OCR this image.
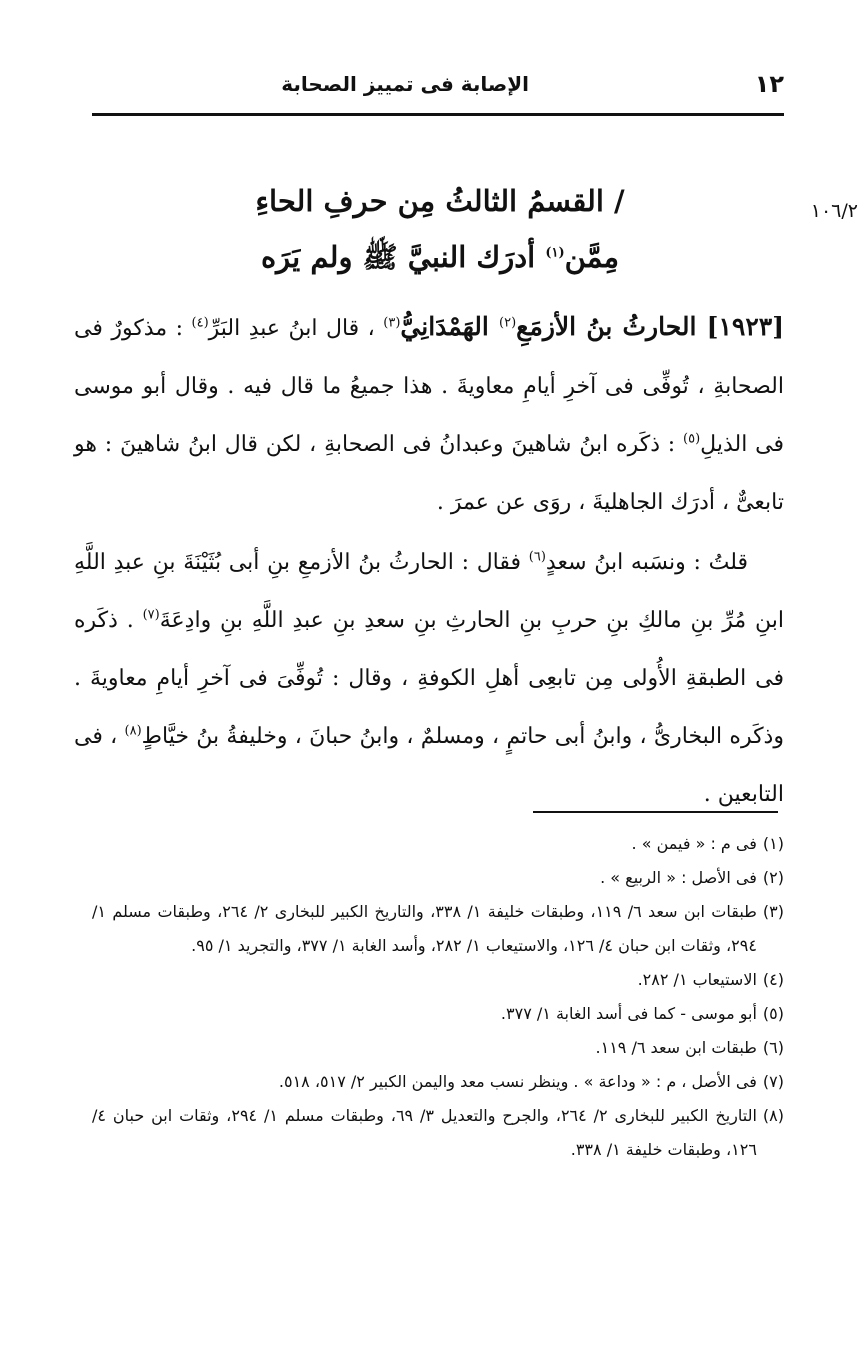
١٢
الإصابة فى تمييز الصحابة
١٠٦/٢
/ القسمُ الثالثُ مِن حرفِ الحاءِ
مِمَّن$^{(١)}$ أدرَك النبيَّ ﷺ ولم يَرَه

[١٩٢٣] الحارثُ بنُ الأزمَعِ$^{(٢)}$ الهَمْدَانِيُّ$^{(٣)}$ ، قال ابنُ عبدِ البَرِّ$^{(٤)}$ : مذكورٌ فى الصحابةِ ، تُوفِّى فى آخرِ أيامِ معاويةَ . هذا جميعُ ما قال فيه . وقال أبو موسى فى الذيلِ$^{(٥)}$ : ذكَره ابنُ شاهينَ وعبدانُ فى الصحابةِ ، لكن قال ابنُ شاهينَ : هو تابعىٌّ ، أدرَك الجاهليةَ ، روَى عن عمرَ .

قلتُ : ونسَبه ابنُ سعدٍ$^{(٦)}$ فقال : الحارثُ بنُ الأزمعِ بنِ أبى بُثَيْنَةَ بنِ عبدِ اللَّهِ ابنِ مُرِّ بنِ مالكِ بنِ حربِ بنِ الحارثِ بنِ سعدِ بنِ عبدِ اللَّهِ بنِ وادِعَةَ$^{(٧)}$ . ذكَره فى الطبقةِ الأُولى مِن تابعِى أهلِ الكوفةِ ، وقال : تُوفِّىَ فى آخرِ أيامِ معاويةَ . وذكَره البخارىُّ ، وابنُ أبى حاتمٍ ، ومسلمٌ ، وابنُ حبانَ ، وخليفةُ بنُ خيَّاطٍ$^{(٨)}$ ، فى التابعين .

(١)
فى م : « فيمن » .
(٢)
فى الأصل : « الربيع » .
(٣)
طبقات ابن سعد ٦/ ١١٩، وطبقات خليفة ١/ ٣٣٨، والتاريخ الكبير للبخارى ٢/ ٢٦٤، وطبقات مسلم ١/ ٢٩٤، وثقات ابن حبان ٤/ ١٢٦، والاستيعاب ١/ ٢٨٢، وأسد الغابة ١/ ٣٧٧، والتجريد ١/ ٩٥.
(٤)
الاستيعاب ١/ ٢٨٢.
(٥)
أبو موسى - كما فى أسد الغابة ١/ ٣٧٧.
(٦)
طبقات ابن سعد ٦/ ١١٩.
(٧)
فى الأصل ، م : « وداعة » . وينظر نسب معد واليمن الكبير ٢/ ٥١٧، ٥١٨.
(٨)
التاريخ الكبير للبخارى ٢/ ٢٦٤، والجرح والتعديل ٣/ ٦٩، وطبقات مسلم ١/ ٢٩٤، وثقات ابن حبان ٤/ ١٢٦، وطبقات خليفة ١/ ٣٣٨.
